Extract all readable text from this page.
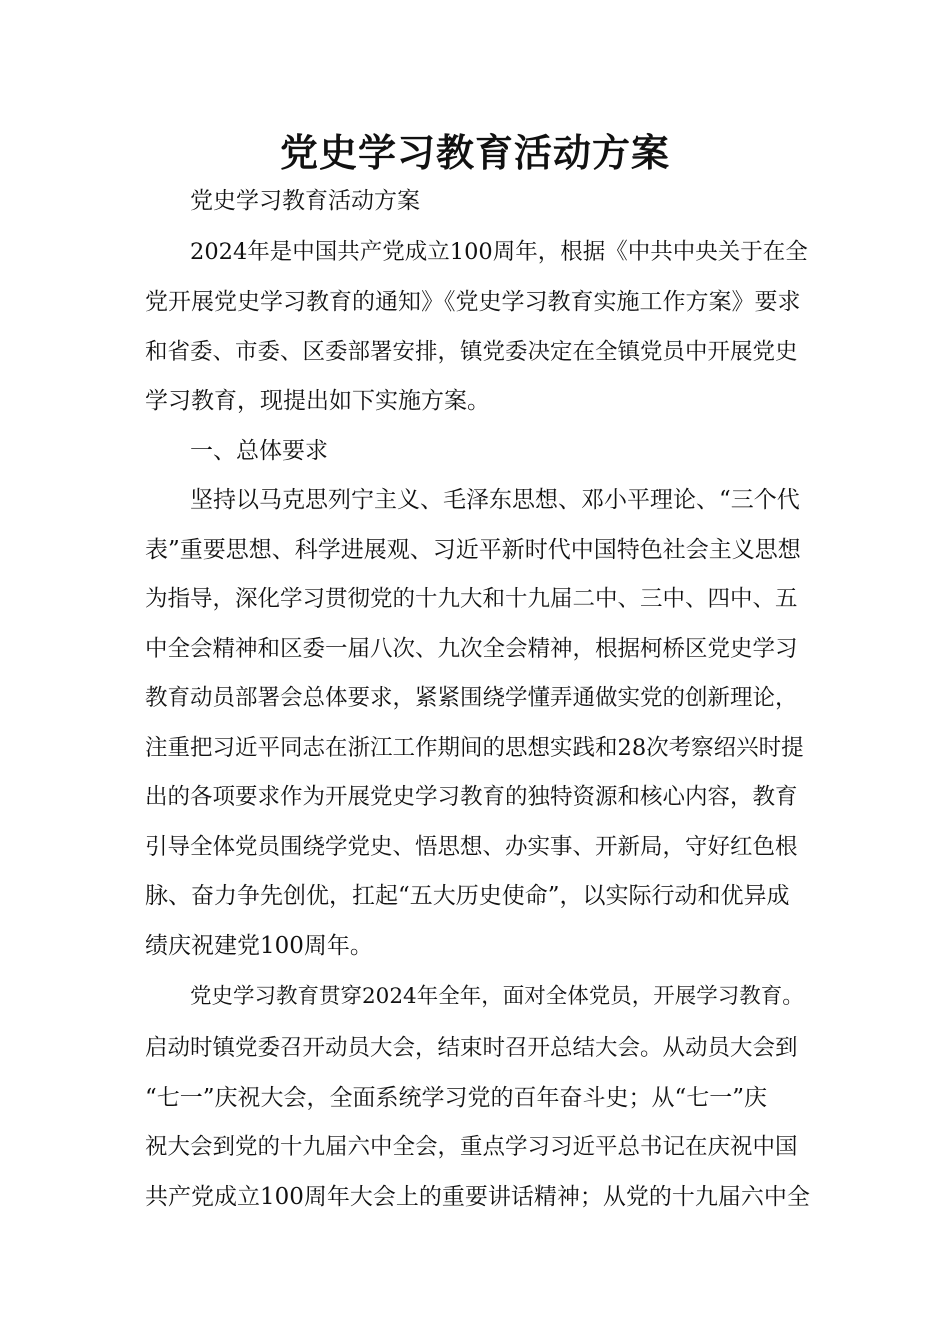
党史学习教育活动方案
党史学习教育活动方案
2024年是中国共产党成立100周年，根据《中共中央关于在全
党开展党史学习教育的通知》《党史学习教育实施工作方案》要求
和省委、市委、区委部署安排，镇党委决定在全镇党员中开展党史
学习教育，现提出如下实施方案。
一、总体要求
坚持以马克思列宁主义、毛泽东思想、邓小平理论、“三个代
表”重要思想、科学进展观、习近平新时代中国特色社会主义思想
为指导，深化学习贯彻党的十九大和十九届二中、三中、四中、五
中全会精神和区委一届八次、九次全会精神，根据柯桥区党史学习
教育动员部署会总体要求，紧紧围绕学懂弄通做实党的创新理论，
注重把习近平同志在浙江工作期间的思想实践和28次考察绍兴时提
出的各项要求作为开展党史学习教育的独特资源和核心内容，教育
引导全体党员围绕学党史、悟思想、办实事、开新局，守好红色根
脉、奋力争先创优，扛起“五大历史使命”，以实际行动和优异成
绩庆祝建党100周年。
党史学习教育贯穿2024年全年，面对全体党员，开展学习教育。
启动时镇党委召开动员大会，结束时召开总结大会。从动员大会到
“七一”庆祝大会，全面系统学习党的百年奋斗史；从“七一”庆
祝大会到党的十九届六中全会，重点学习习近平总书记在庆祝中国
共产党成立100周年大会上的重要讲话精神；从党的十九届六中全
